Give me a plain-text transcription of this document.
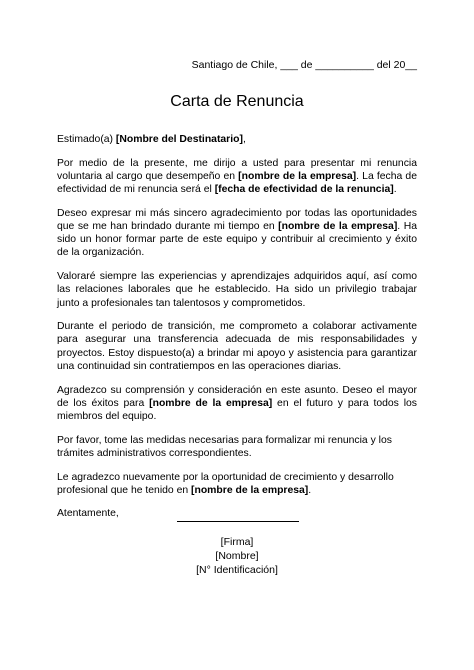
Santiago de Chile, ___ de __________ del 20__
Carta de Renuncia

Estimado(a) [Nombre del Destinatario],

Por medio de la presente, me dirijo a usted para presentar mi renuncia voluntaria al cargo que desempeño en [nombre de la empresa]. La fecha de efectividad de mi renuncia será el [fecha de efectividad de la renuncia].

Deseo expresar mi más sincero agradecimiento por todas las oportunidades que se me han brindado durante mi tiempo en [nombre de la empresa]. Ha sido un honor formar parte de este equipo y contribuir al crecimiento y éxito de la organización.

Valoraré siempre las experiencias y aprendizajes adquiridos aquí, así como las relaciones laborales que he establecido. Ha sido un privilegio trabajar junto a profesionales tan talentosos y comprometidos.

Durante el periodo de transición, me comprometo a colaborar activamente para asegurar una transferencia adecuada de mis responsabilidades y proyectos. Estoy dispuesto(a) a brindar mi apoyo y asistencia para garantizar una continuidad sin contratiempos en las operaciones diarias.

Agradezco su comprensión y consideración en este asunto. Deseo el mayor de los éxitos para [nombre de la empresa] en el futuro y para todos los miembros del equipo.

Por favor, tome las medidas necesarias para formalizar mi renuncia y los trámites administrativos correspondientes.

Le agradezco nuevamente por la oportunidad de crecimiento y desarrollo profesional que he tenido en [nombre de la empresa].

Atentamente,

[Firma]
[Nombre]
[N° Identificación]
